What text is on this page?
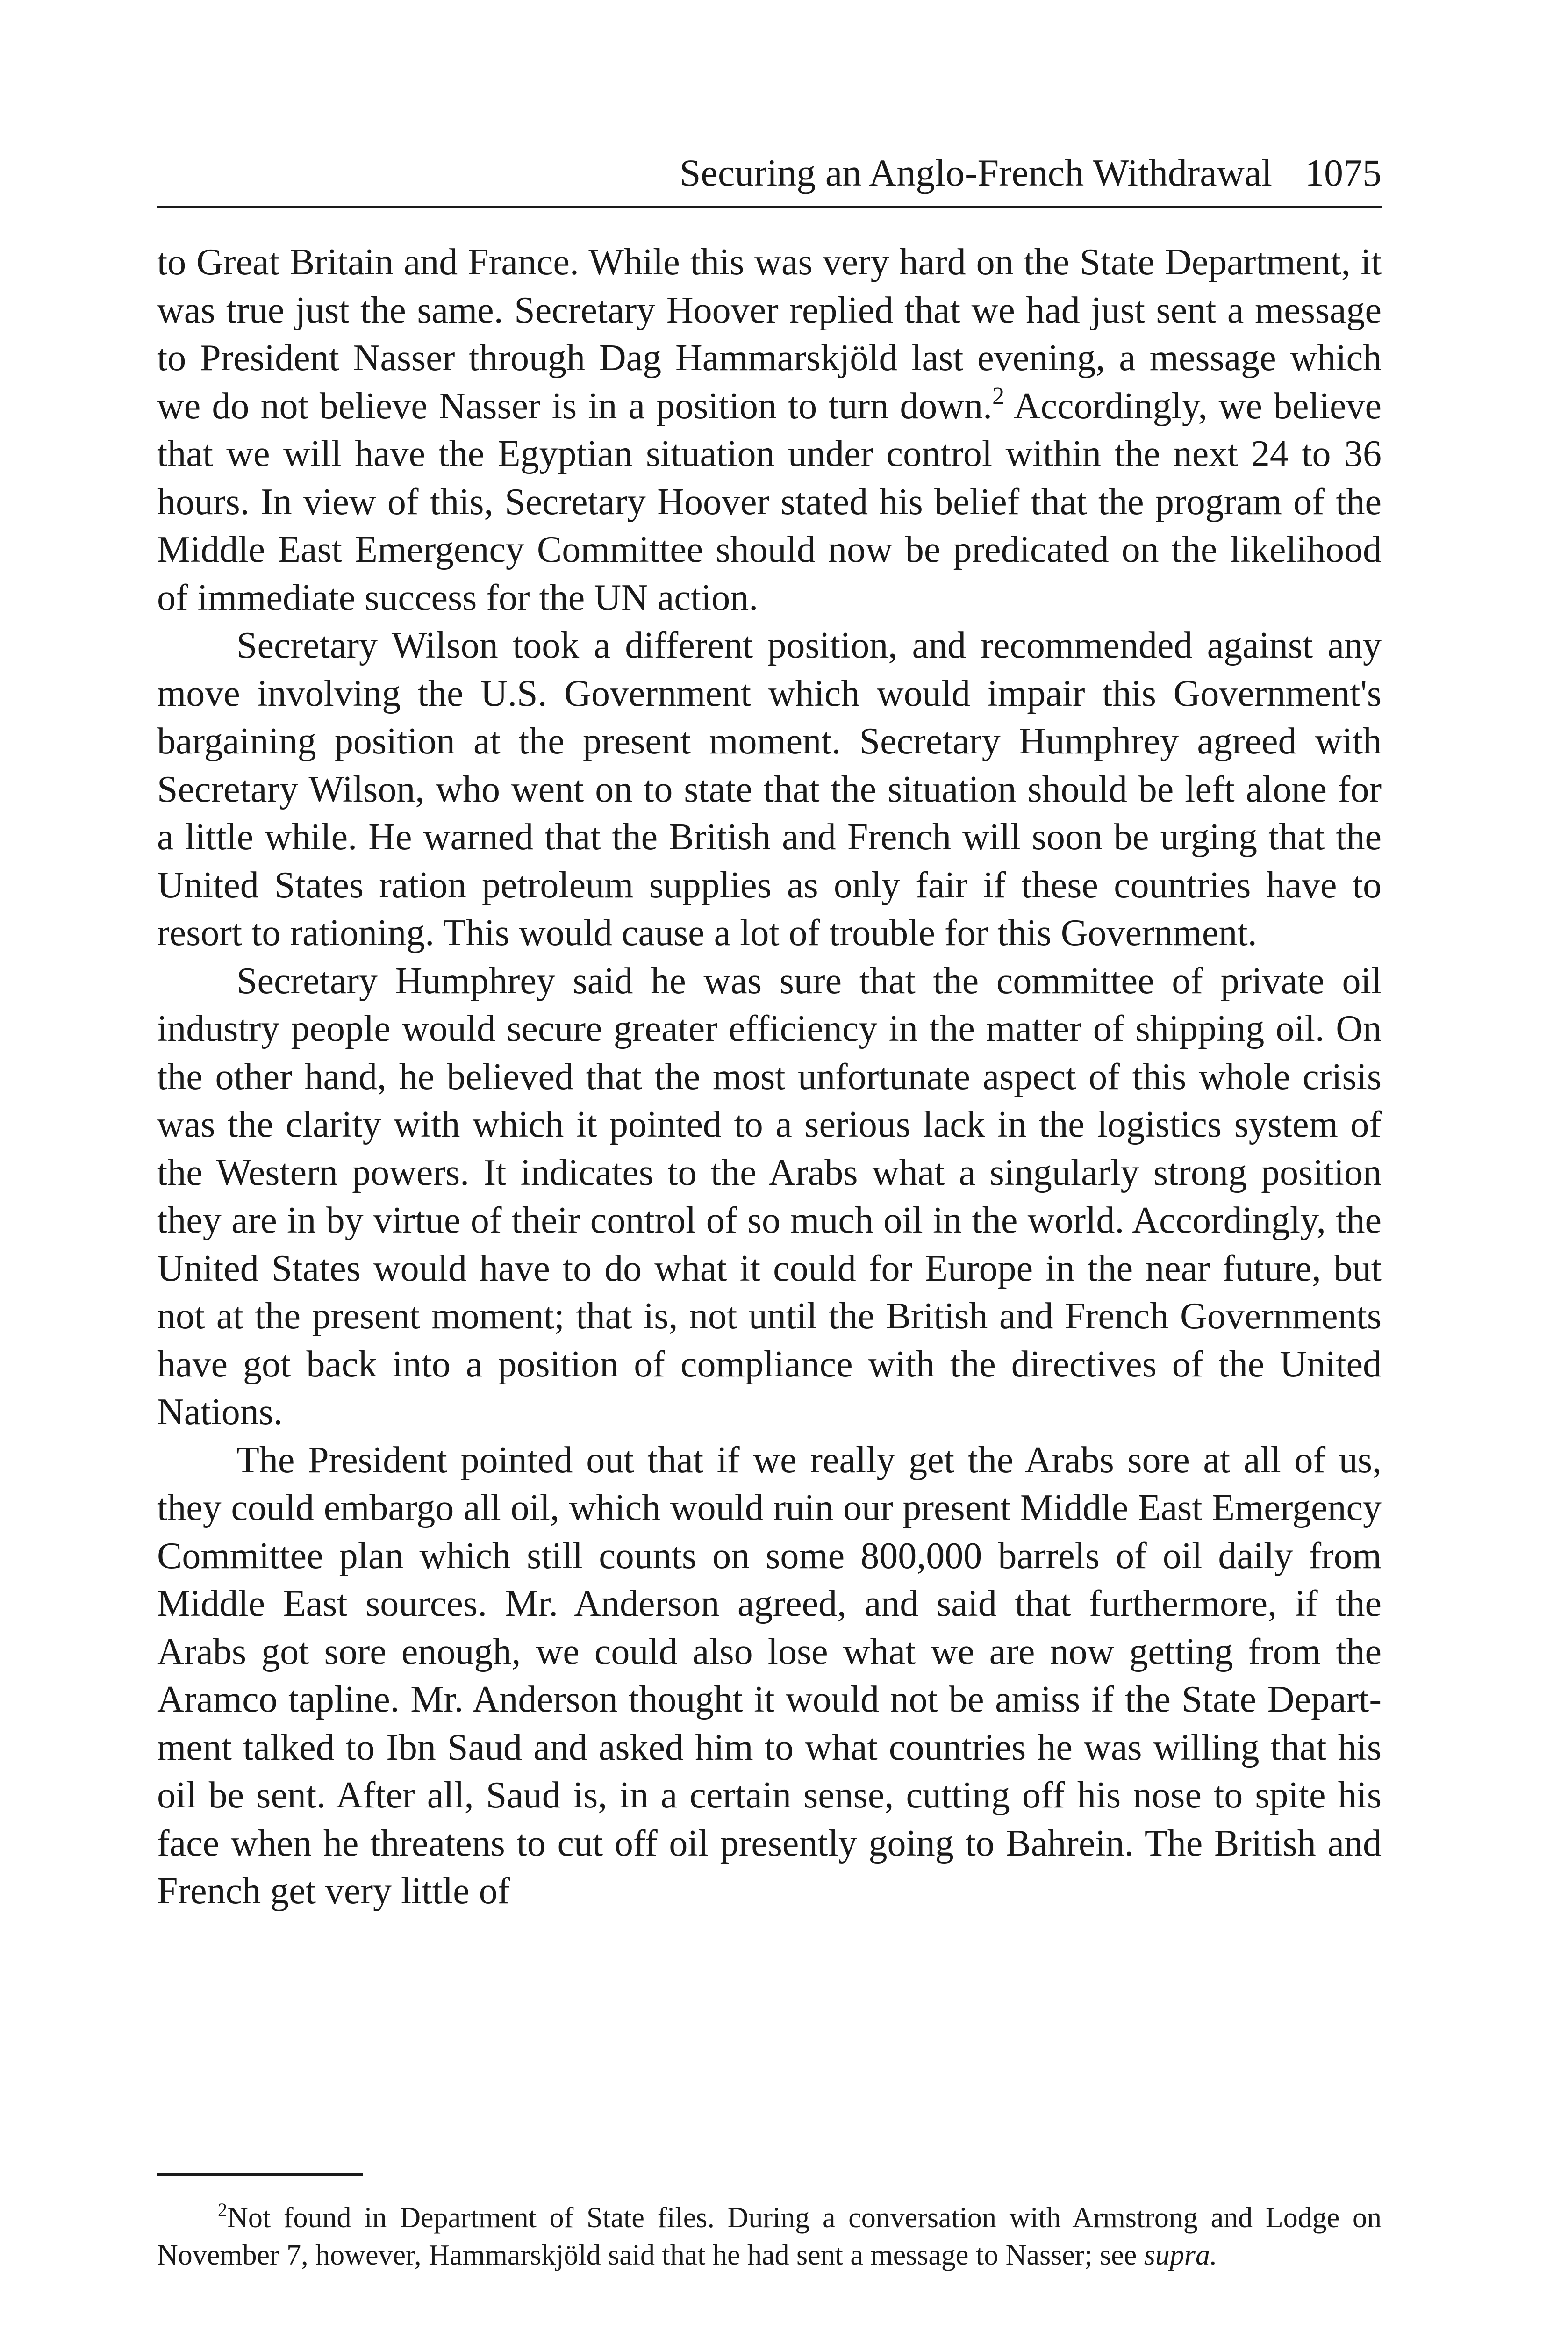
Securing an Anglo-French Withdrawal 1075

to Great Britain and France. While this was very hard on the State Department, it was true just the same. Secretary Hoover replied that we had just sent a message to President Nasser through Dag Hammarskjöld last evening, a message which we do not believe Nasser is in a position to turn down.$^2$ Accordingly, we believe that we will have the Egyptian situation under control within the next 24 to 36 hours. In view of this, Secretary Hoover stated his belief that the program of the Middle East Emergency Committee should now be predicated on the likelihood of immediate success for the UN action.

Secretary Wilson took a different position, and recommended against any move involving the U.S. Government which would impair this Government's bargaining position at the present moment. Secretary Humphrey agreed with Secretary Wilson, who went on to state that the situation should be left alone for a little while. He warned that the British and French will soon be urging that the United States ration petroleum supplies as only fair if these countries have to resort to rationing. This would cause a lot of trouble for this Government.

Secretary Humphrey said he was sure that the committee of private oil industry people would secure greater efficiency in the matter of shipping oil. On the other hand, he believed that the most unfortunate aspect of this whole crisis was the clarity with which it pointed to a serious lack in the logistics system of the Western powers. It indicates to the Arabs what a singularly strong position they are in by virtue of their control of so much oil in the world. Accordingly, the United States would have to do what it could for Europe in the near future, but not at the present moment; that is, not until the British and French Governments have got back into a position of compliance with the directives of the United Nations.

The President pointed out that if we really get the Arabs sore at all of us, they could embargo all oil, which would ruin our present Middle East Emergency Committee plan which still counts on some 800,000 barrels of oil daily from Middle East sources. Mr. Anderson agreed, and said that furthermore, if the Arabs got sore enough, we could also lose what we are now getting from the Aramco tapline. Mr. Anderson thought it would not be amiss if the State Department talked to Ibn Saud and asked him to what countries he was willing that his oil be sent. After all, Saud is, in a certain sense, cutting off his nose to spite his face when he threatens to cut off oil presently going to Bahrein. The British and French get very little of

$^2$Not found in Department of State files. During a conversation with Armstrong and Lodge on November 7, however, Hammarskjöld said that he had sent a message to Nasser; see supra.
